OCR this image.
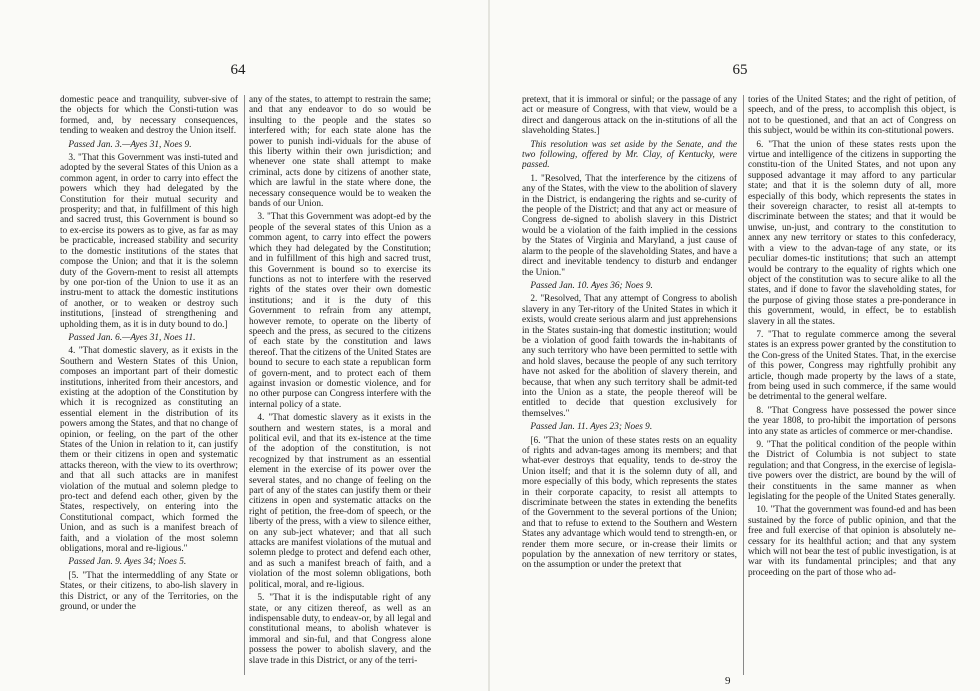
64

domestic peace and tranquility, subver-sive of the objects for which the Consti-tution was formed, and, by necessary consequences, tending to weaken and destroy the Union itself.

Passed Jan. 3.—Ayes 31, Noes 9.

3. "That this Government was insti-tuted and adopted by the several States of this Union as a common agent, in order to carry into effect the powers which they had delegated by the Constitution for their mutual security and prosperity; and that, in fulfillment of this high and sacred trust, this Government is bound so to ex-ercise its powers as to give, as far as may be practicable, increased stability and security to the domestic institutions of the states that compose the Union; and that it is the solemn duty of the Govern-ment to resist all attempts by one por-tion of the Union to use it as an instru-ment to attack the domestic institutions of another, or to weaken or destroy such institutions, [instead of strengthening and upholding them, as it is in duty bound to do.]

Passed Jan. 6.—Ayes 31, Noes 11.

4. "That domestic slavery, as it exists in the Southern and Western States of this Union, composes an important part of their domestic institutions, inherited from their ancestors, and existing at the adoption of the Constitution by which it is recognized as constituting an essential element in the distribution of its powers among the States, and that no change of opinion, or feeling, on the part of the other States of the Union in relation to it, can justify them or their citizens in open and systematic attacks thereon, with the view to its overthrow; and that all such attacks are in manifest violation of the mutual and solemn pledge to pro-tect and defend each other, given by the States, respectively, on entering into the Constitutional compact, which formed the Union, and as such is a manifest breach of faith, and a violation of the most solemn obligations, moral and re-ligious."

Passed Jan. 9. Ayes 34; Noes 5.

[5. "That the intermeddling of any State or States, or their citizens, to abo-lish slavery in this District, or any of the Territories, on the ground, or under the

any of the states, to attempt to restrain the same; and that any endeavor to do so would be insulting to the people and the states so interfered with; for each state alone has the power to punish indi-viduals for the abuse of this liberty within their own jurisdiction; and whenever one state shall attempt to make criminal, acts done by citizens of another state, which are lawful in the state where done, the necessary consequence would be to weaken the bands of our Union.

3. "That this Government was adopt-ed by the people of the several states of this Union as a common agent, to carry into effect the powers which they had delegated by the Constitution; and in fulfillment of this high and sacred trust, this Government is bound so to exercise its functions as not to interfere with the reserved rights of the states over their own domestic institutions; and it is the duty of this Government to refrain from any attempt, however remote, to operate on the liberty of speech and the press, as secured to the citizens of each state by the constitution and laws thereof. That the citizens of the United States are bound to secure to each state a republican form of govern-ment, and to protect each of them against invasion or domestic violence, and for no other purpose can Congress interfere with the internal policy of a state.

4. "That domestic slavery as it exists in the southern and western states, is a moral and political evil, and that its ex-istence at the time of the adoption of the constitution, is not recognized by that instrument as an essential element in the exercise of its power over the several states, and no change of feeling on the part of any of the states can justify them or their citizens in open and systematic attacks on the right of petition, the free-dom of speech, or the liberty of the press, with a view to silence either, on any sub-ject whatever; and that all such attacks are manifest violations of the mutual and solemn pledge to protect and defend each other, and as such a manifest breach of faith, and a violation of the most solemn obligations, both political, moral, and re-ligious.

5. "That it is the indisputable right of any state, or any citizen thereof, as well as an indispensable duty, to endeav-or, by all legal and constitutional means, to abolish whatever is immoral and sin-ful, and that Congress alone possess the power to abolish slavery, and the slave trade in this District, or any of the terri-

65

pretext, that it is immoral or sinful; or the passage of any act or measure of Congress, with that view, would be a direct and dangerous attack on the in-stitutions of all the slaveholding States.]

This resolution was set aside by the Senate, and the two following, offered by Mr. Clay, of Kentucky, were passed.

1. "Resolved, That the interference by the citizens of any of the States, with the view to the abolition of slavery in the District, is endangering the rights and se-curity of the people of the District; and that any act or measure of Congress de-signed to abolish slavery in this District would be a violation of the faith implied in the cessions by the States of Virginia and Maryland, a just cause of alarm to the people of the slaveholding States, and have a direct and inevitable tendency to disturb and endanger the Union."

Passed Jan. 10. Ayes 36; Noes 9.

2. "Resolved, That any attempt of Congress to abolish slavery in any Ter-ritory of the United States in which it exists, would create serious alarm and just apprehensions in the States sustain-ing that domestic institution; would be a violation of good faith towards the in-habitants of any such territory who have been permitted to settle with and hold slaves, because the people of any such territory have not asked for the abolition of slavery therein, and because, that when any such territory shall be admit-ted into the Union as a state, the people thereof will be entitled to decide that question exclusively for themselves."

Passed Jan. 11. Ayes 23; Noes 9.

[6. "That the union of these states rests on an equality of rights and advan-tages among its members; and that what-ever destroys that equality, tends to de-stroy the Union itself; and that it is the solemn duty of all, and more especially of this body, which represents the states in their corporate capacity, to resist all attempts to discriminate between the states in extending the benefits of the Government to the several portions of the Union; and that to refuse to extend to the Southern and Western States any advantage which would tend to strength-en, or render them more secure, or in-crease their limits or population by the annexation of new territory or states, on the assumption or under the pretext that

tories of the United States; and the right of petition, of speech, and of the press, to accomplish this object, is not to be questioned, and that an act of Congress on this subject, would be within its con-stitutional powers.

6. "That the union of these states rests upon the virtue and intelligence of the citizens in supporting the constitu-tion of the United States, and not upon any supposed advantage it may afford to any particular state; and that it is the solemn duty of all, more especially of this body, which represents the states in their sovereign character, to resist all at-tempts to discriminate between the states; and that it would be unwise, un-just, and contrary to the constitution to annex any new territory or states to this confederacy, with a view to the advan-tage of any state, or its peculiar domes-tic institutions; that such an attempt would be contrary to the equality of rights which one object of the constitution was to secure alike to all the states, and if done to favor the slaveholding states, for the purpose of giving those states a pre-ponderance in this government, would, in effect, be to establish slavery in all the states.

7. "That to regulate commerce among the several states is an express power granted by the constitution to the Con-gress of the United States. That, in the exercise of this power, Congress may rightfully prohibit any article, though made property by the laws of a state, from being used in such commerce, if the same would be detrimental to the general welfare.

8. "That Congress have possessed the power since the year 1808, to pro-hibit the importation of persons into any state as articles of commerce or mer-chandise.

9. "That the political condition of the people within the District of Columbia is not subject to state regulation; and that Congress, in the exercise of legisla-tive powers over the district, are bound by the will of their constituents in the same manner as when legislating for the people of the United States generally.

10. "That the government was found-ed and has been sustained by the force of public opinion, and that the free and full exercise of that opinion is absolutely ne-cessary for its healthful action; and that any system which will not bear the test of public investigation, is at war with its fundamental principles; and that any proceeding on the part of those who ad-

9
